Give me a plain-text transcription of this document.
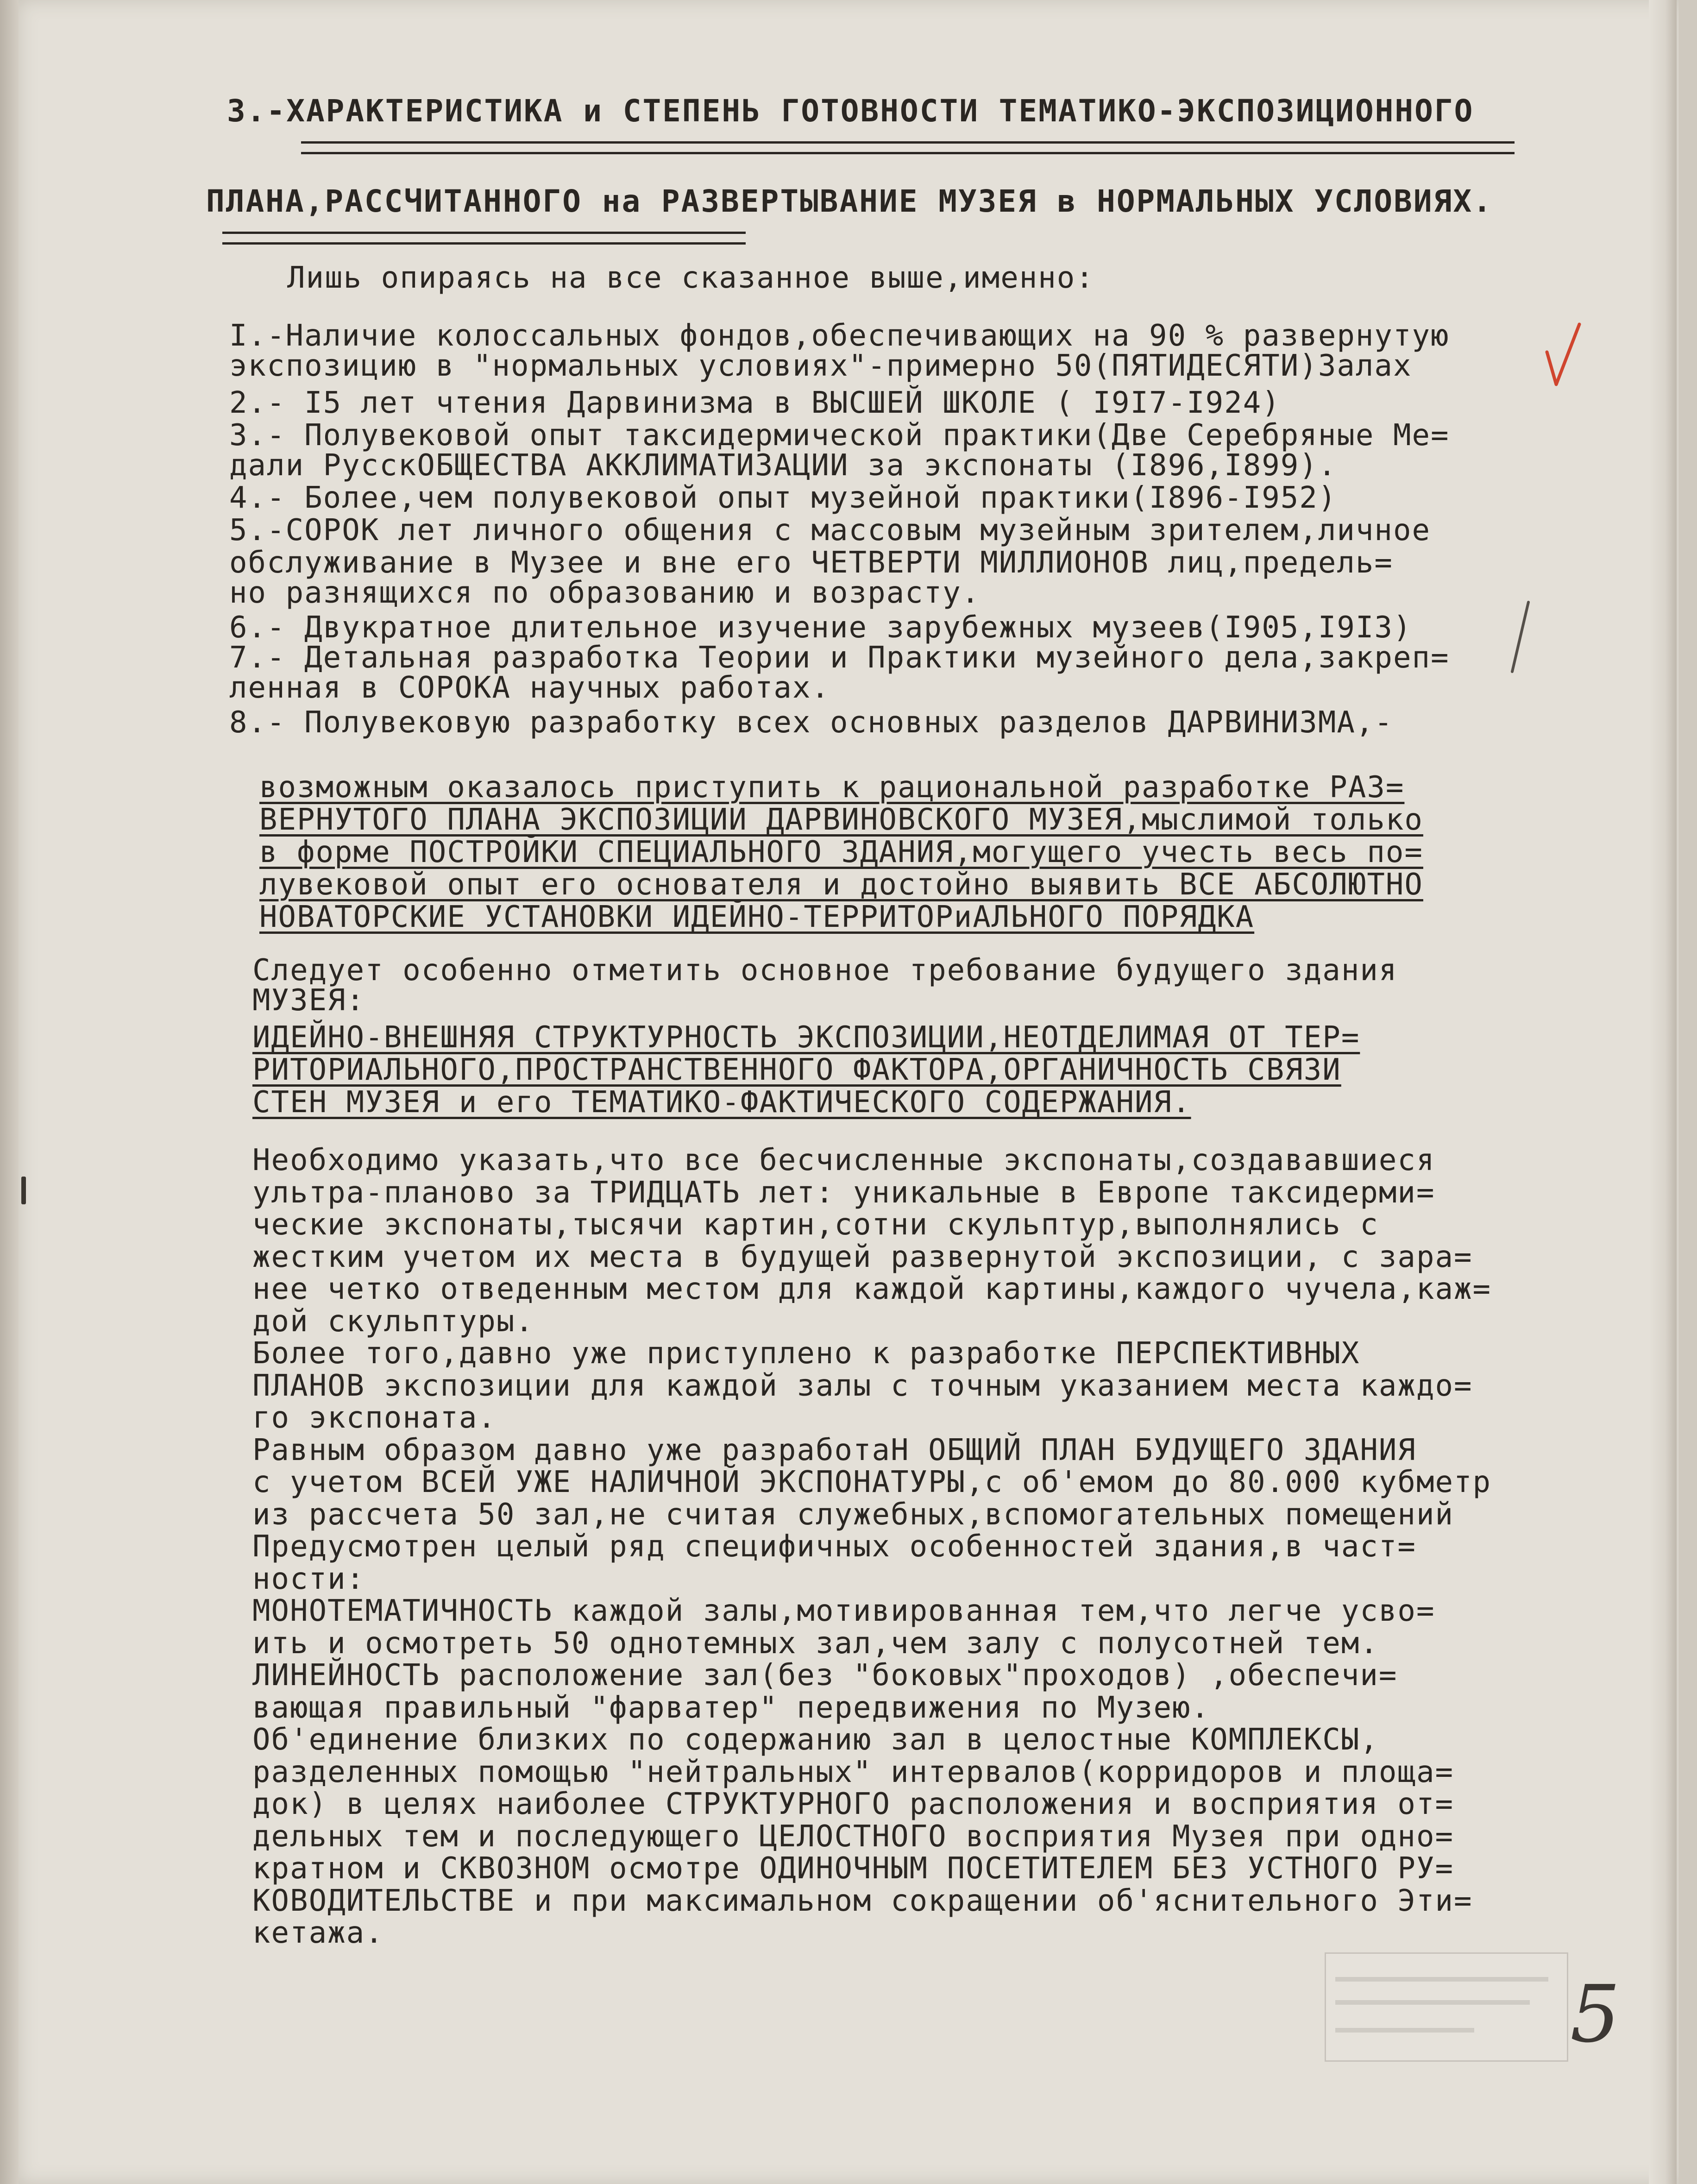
3.-ХАРАКТЕРИСТИКА и СТЕПЕНЬ ГОТОВНОСТИ ТЕМАТИКО-ЭКСПОЗИЦИОННОГО
ПЛАНА,РАССЧИТАННОГО на РАЗВЕРТЫВАНИЕ МУЗЕЯ в НОРМАЛЬНЫХ УСЛОВИЯХ.
Лишь опираясь на все сказанное выше,именно:
I.-Наличие колоссальных фондов,обеспечивающих на 90 % развернутую
экспозицию в "нормальных условиях"-примерно 50(ПЯТИДЕСЯТИ)Залах
2.- I5 лет чтения Дарвинизма в ВЫСШЕЙ ШКОЛЕ ( I9I7-I924)
3.- Полувековой опыт таксидермической практики(Две Серебряные Ме=
дали РусскОБЩЕСТВА АККЛИМАТИЗАЦИИ за экспонаты (I896,I899).
4.- Более,чем полувековой опыт музейной практики(I896-I952)
5.-СОРОК лет личного общения с массовым музейным зрителем,личное
обслуживание в Музее и вне его ЧЕТВЕРТИ МИЛЛИОНОВ лиц,предель=
но разнящихся по образованию и возрасту.
6.- Двукратное длительное изучение зарубежных музеев(I905,I9I3)
7.- Детальная разработка Теории и Практики музейного дела,закреп=
ленная в СОРОКА научных работах.
8.- Полувековую разработку всех основных разделов ДАРВИНИЗМА,-
возможным оказалось приступить к рациональной разработке РАЗ=
ВЕРНУТОГО ПЛАНА ЭКСПОЗИЦИИ ДАРВИНОВСКОГО МУЗЕЯ,мыслимой только
в форме ПОСТРОЙКИ СПЕЦИАЛЬНОГО ЗДАНИЯ,могущего учесть весь по=
лувековой опыт его основателя и достойно выявить ВСЕ АБСОЛЮТНО
НОВАТОРСКИЕ УСТАНОВКИ ИДЕЙНО-ТЕРРИТОРиАЛЬНОГО ПОРЯДКА
Следует особенно отметить основное требование будущего здания
МУЗЕЯ:
ИДЕЙНО-ВНЕШНЯЯ СТРУКТУРНОСТЬ ЭКСПОЗИЦИИ,НЕОТДЕЛИМАЯ ОТ ТЕР=
РИТОРИАЛЬНОГО,ПРОСТРАНСТВЕННОГО ФАКТОРА,ОРГАНИЧНОСТЬ СВЯЗИ
СТЕН МУЗЕЯ и его ТЕМАТИКО-ФАКТИЧЕСКОГО СОДЕРЖАНИЯ.
Необходимо указать,что все бесчисленные экспонаты,создававшиеся
ультра-планово за ТРИДЦАТЬ лет: уникальные в Европе таксидерми=
ческие экспонаты,тысячи картин,сотни скульптур,выполнялись с
жестким учетом их места в будущей развернутой экспозиции, с зара=
нее четко отведенным местом для каждой картины,каждого чучела,каж=
дой скульптуры.
Более того,давно уже приступлено к разработке ПЕРСПЕКТИВНЫХ
ПЛАНОВ экспозиции для каждой залы с точным указанием места каждо=
го экспоната.
Равным образом давно уже разработаН ОБЩИЙ ПЛАН БУДУЩЕГО ЗДАНИЯ
с учетом ВСЕЙ УЖЕ НАЛИЧНОЙ ЭКСПОНАТУРЫ,с об'емом до 80.000 кубметр
из рассчета 50 зал,не считая служебных,вспомогательных помещений
Предусмотрен целый ряд специфичных особенностей здания,в част=
ности:
МОНОТЕМАТИЧНОСТЬ каждой залы,мотивированная тем,что легче усво=
ить и осмотреть 50 однотемных зал,чем залу с полусотней тем.
ЛИНЕЙНОСТЬ расположение зал(без "боковых"проходов) ,обеспечи=
вающая правильный "фарватер" передвижения по Музею.
Об'единение близких по содержанию зал в целостные КОМПЛЕКСЫ,
разделенных помощью "нейтральных" интервалов(корридоров и площа=
док) в целях наиболее СТРУКТУРНОГО расположения и восприятия от=
дельных тем и последующего ЦЕЛОСТНОГО восприятия Музея при одно=
кратном и СКВОЗНОМ осмотре ОДИНОЧНЫМ ПОСЕТИТЕЛЕМ БЕЗ УСТНОГО РУ=
КОВОДИТЕЛЬСТВЕ и при максимальном сокращении об'яснительного Эти=
кетажа.
5
